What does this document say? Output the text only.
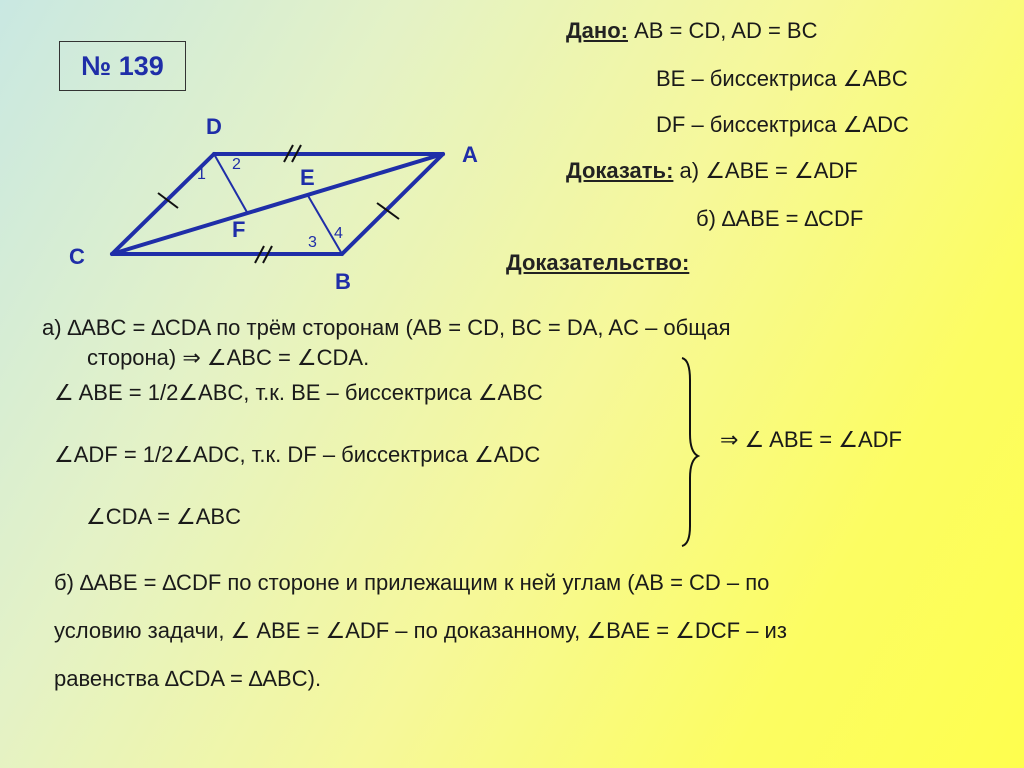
№ 139
D
A
C
B
E
F
1
2
3
4
Дано: AB = CD, AD = BC
BE – биссектриса ∠ABC
DF – биссектриса ∠ADC
Доказать: а) ∠ABE = ∠ADF
б) ∆ABE = ∆CDF
Доказательство:
а) ∆ABC = ∆CDA по трём сторонам (AB = CD, BC = DA, AC – общая
сторона) ⇒ ∠ABC = ∠CDA.
∠ ABE = 1/2∠ABC, т.к. BE – биссектриса ∠ABC
∠ADF = 1/2∠ADC, т.к. DF – биссектриса ∠ADC
∠CDA = ∠ABC
⇒ ∠ ABE = ∠ADF
б) ∆ABE = ∆CDF по стороне и прилежащим к ней углам (AB = CD – по
условию задачи, ∠ ABE = ∠ADF – по доказанному, ∠BAE = ∠DCF – из
равенства ∆CDA = ∆ABC).
